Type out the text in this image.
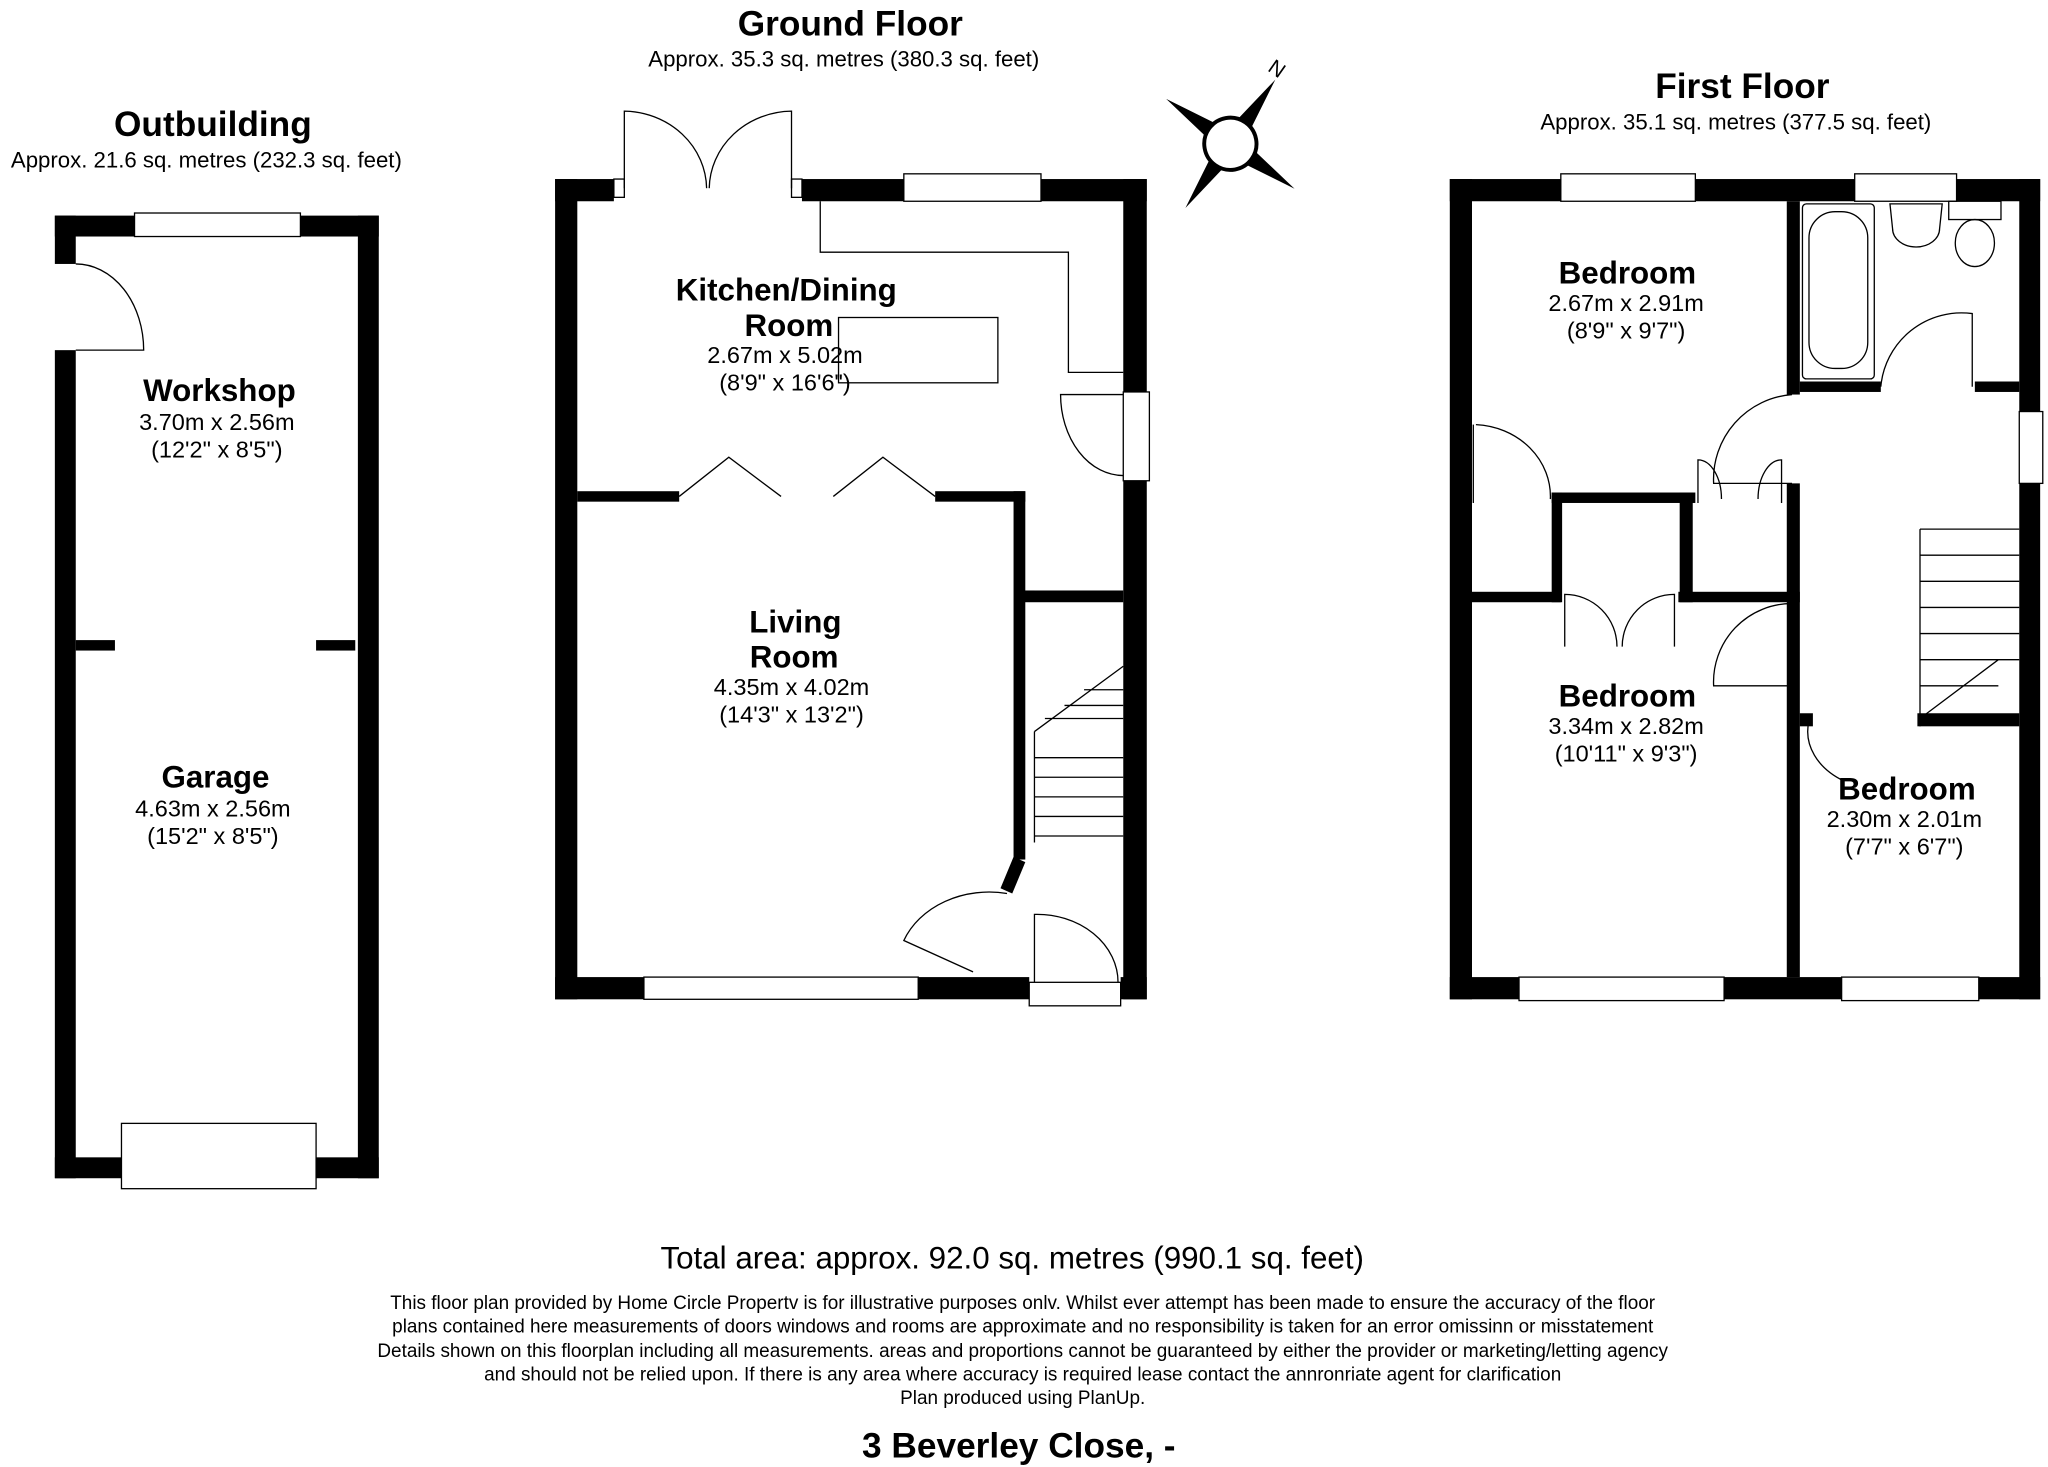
Outbuilding
Approx. 21.6 sq. metres (232.3 sq. feet)
Workshop
3.70m x 2.56m
(12'2" x 8'5")
Garage
4.63m x 2.56m
(15'2" x 8'5")
Ground Floor
Approx. 35.3 sq. metres (380.3 sq. feet)
Kitchen/Dining
Room
2.67m x 5.02m
(8'9" x 16'6")
Living
Room
4.35m x 4.02m
(14'3" x 13'2")
N	First Floor
Approx. 35.1 sq. metres (377.5 sq. feet)
Bedroom
2.67m x 2.91m
(8'9" x 9'7")
Bedroom
3.34m x 2.82m
(10'11" x 9'3")
Bedroom
2.30m x 2.01m
(7'7" x 6'7")
Total area: approx. 92.0 sq. metres (990.1 sq. feet)
This floor plan provided by Home Circle Propertv is for illustrative purposes onlv. Whilst ever attempt has been made to ensure the accuracy of the floor
plans contained here measurements of doors windows and rooms are approximate and no responsibility is taken for an error omissinn or misstatement
Details shown on this floorplan including all measurements. areas and proportions cannot be guaranteed by either the provider or marketing/letting agency
and should not be relied upon. If there is any area where accuracy is required lease contact the annronriate agent for clarification
Plan produced using PlanUp.
3 Beverley Close, -
